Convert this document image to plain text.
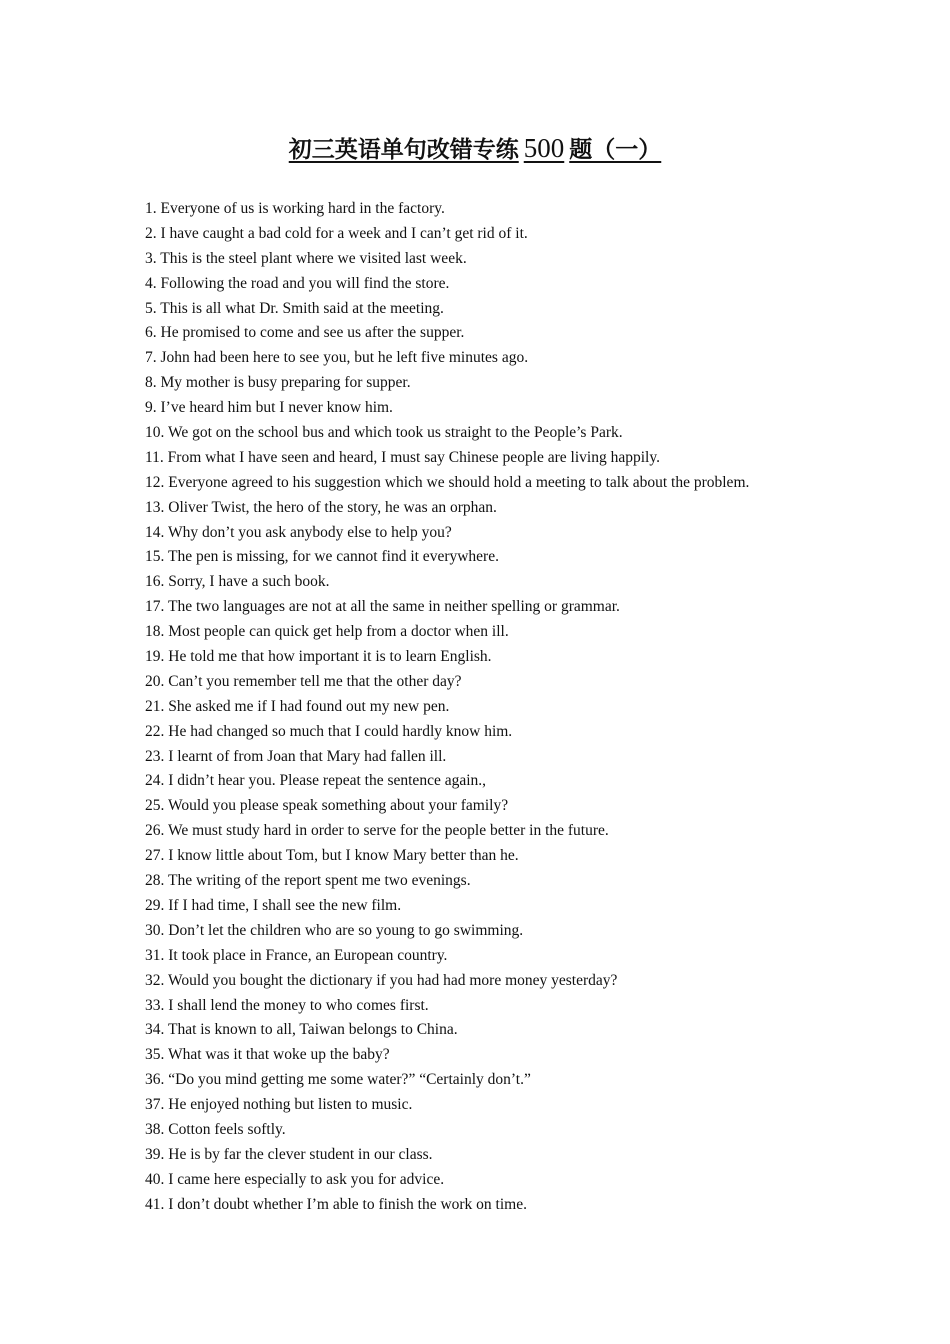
初三英语单句改错专练 500 题（一）
1. Everyone of us is working hard in the factory.
2. I have caught a bad cold for a week and I can’t get rid of it.
3. This is the steel plant where we visited last week.
4. Following the road and you will find the store.
5. This is all what Dr. Smith said at the meeting.
6. He promised to come and see us after the supper.
7. John had been here to see you, but he left five minutes ago.
8. My mother is busy preparing for supper.
9. I’ve heard him but I never know him.
10. We got on the school bus and which took us straight to the People’s Park.
11. From what I have seen and heard, I must say Chinese people are living happily.
12. Everyone agreed to his suggestion which we should hold a meeting to talk about the problem.
13. Oliver Twist, the hero of the story, he was an orphan.
14. Why don’t you ask anybody else to help you?
15. The pen is missing, for we cannot find it everywhere.
16. Sorry, I have a such book.
17. The two languages are not at all the same in neither spelling or grammar.
18. Most people can quick get help from a doctor when ill.
19. He told me that how important it is to learn English.
20. Can’t you remember tell me that the other day?
21. She asked me if I had found out my new pen.
22. He had changed so much that I could hardly know him.
23. I learnt of from Joan that Mary had fallen ill.
24. I didn’t hear you. Please repeat the sentence again.,
25. Would you please speak something about your family?
26. We must study hard in order to serve for the people better in the future.
27. I know little about Tom, but I know Mary better than he.
28. The writing of the report spent me two evenings.
29. If I had time, I shall see the new film.
30. Don’t let the children who are so young to go swimming.
31. It took place in France, an European country.
32. Would you bought the dictionary if you had had more money yesterday?
33. I shall lend the money to who comes first.
34. That is known to all, Taiwan belongs to China.
35. What was it that woke up the baby?
36. “Do you mind getting me some water?” “Certainly don’t.”
37. He enjoyed nothing but listen to music.
38. Cotton feels softly.
39. He is by far the clever student in our class.
40. I came here especially to ask you for advice.
41. I don’t doubt whether I’m able to finish the work on time.
